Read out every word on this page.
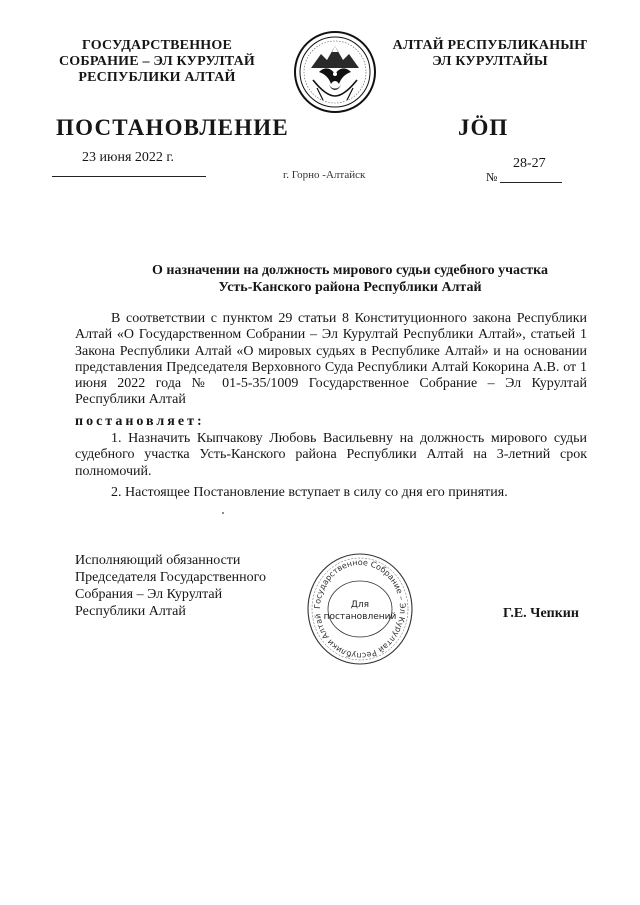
ГОСУДАРСТВЕННОЕ
СОБРАНИЕ – ЭЛ КУРУЛТАЙ
РЕСПУБЛИКИ АЛТАЙ
АЛТАЙ РЕСПУБЛИКАНЫҤ
ЭЛ КУРУЛТАЙЫ
ПОСТАНОВЛЕНИЕ	JÖП
23 июня 2022 г.
г. Горно -Алтайск	№
28-27
О назначении на должность мирового судьи судебного участка
Усть-Канского района Республики Алтай
В соответствии с пунктом 29 статьи 8 Конституционного закона Республики Алтай «О Государственном Собрании – Эл Курултай Республики Алтай», статьей 1 Закона Республики Алтай «О мировых судьях в Республике Алтай» и на основании представления Председателя Верховного Суда Республики Алтай Кокорина А.В. от 1 июня 2022 года № 01-5-35/1009 Государственное Собрание – Эл Курултай Республики Алтай
постановляет:
1. Назначить Кыпчакову Любовь Васильевну на должность мирового судьи судебного участка Усть-Канского района Республики Алтай на 3-летний срок полномочий.
2. Настоящее Постановление вступает в силу со дня его принятия.
Исполняющий обязанности
Председателя Государственного
Собрания – Эл Курултай
Республики Алтай	Государственное Собрание – Эл Курултай Республики Алтай
Для
постановлений	Г.Е. Чепкин
